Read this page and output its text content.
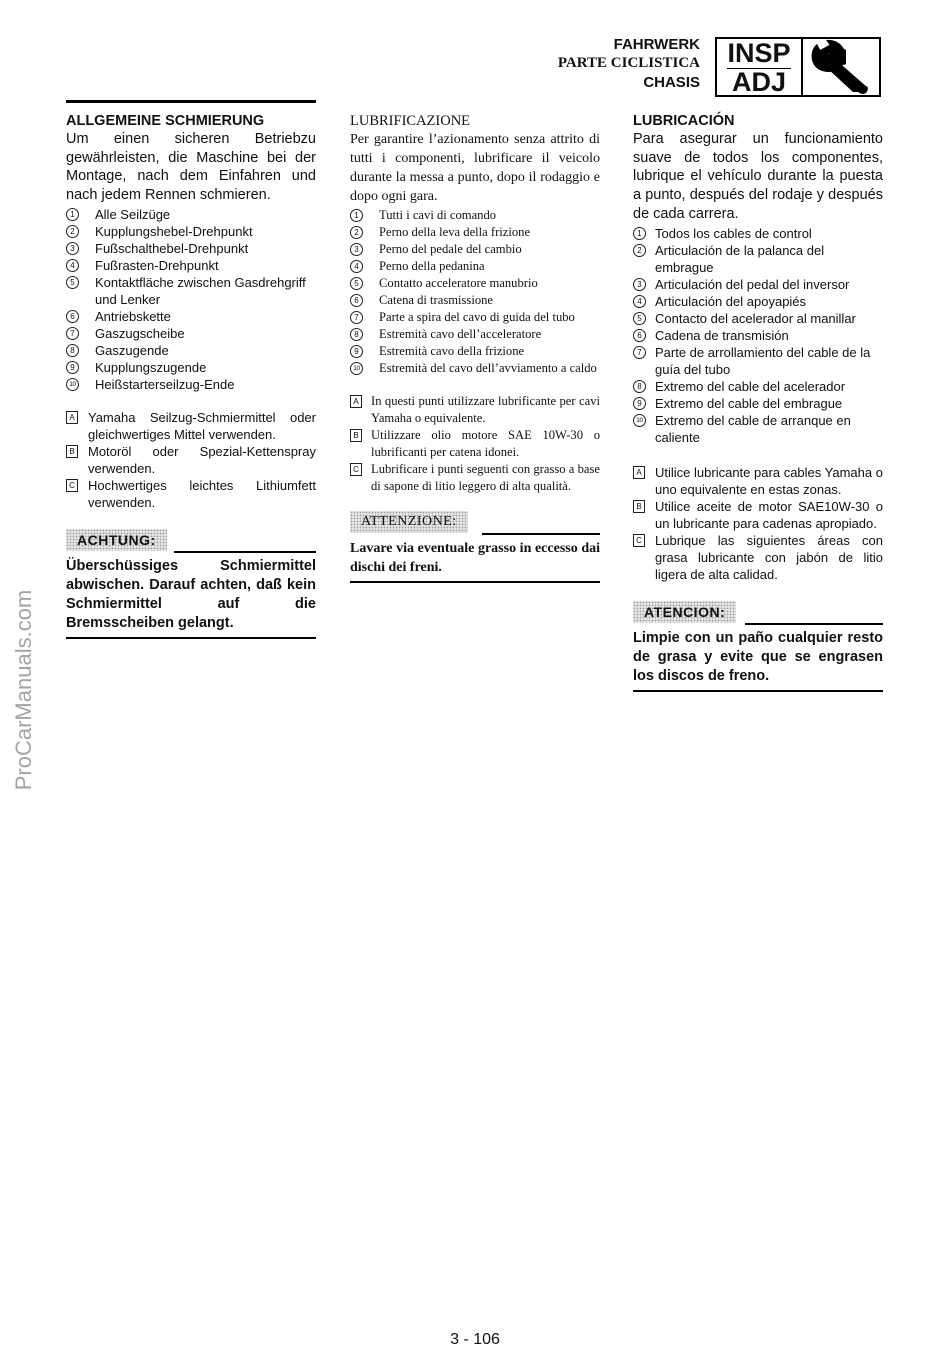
FAHRWERK
PARTE CICLISTICA
CHASIS
INSP
ADJ
ALLGEMEINE SCHMIERUNG
Um einen sicheren Betriebzu gewährleisten, die Maschine bei der Montage, nach dem Einfahren und nach jedem Rennen schmieren.
1	Alle Seilzüge
2	Kupplungshebel-Drehpunkt
3	Fußschalthebel-Drehpunkt
4	Fußrasten-Drehpunkt
5	Kontaktfläche zwischen Gasdrehgriff und Lenker
6	Antriebskette
7	Gaszugscheibe
8	Gaszugende
9	Kupplungszugende
10 Heißstarterseilzug-Ende
A Yamaha Seilzug-Schmiermittel oder gleichwertiges Mittel verwenden.
B Motoröl oder Spezial-Kettenspray verwenden.
C Hochwertiges leichtes Lithiumfett verwenden.
ACHTUNG:
Überschüssiges Schmiermittel abwischen. Darauf achten, daß kein Schmiermittel auf die Bremsscheiben gelangt.
LUBRIFICAZIONE
Per garantire l’azionamento senza attrito di tutti i componenti, lubrificare il veicolo durante la messa a punto, dopo il rodaggio e dopo ogni gara.
1	Tutti i cavi di comando
2	Perno della leva della frizione
3	Perno del pedale del cambio
4	Perno della pedanina
5	Contatto acceleratore manubrio
6	Catena di trasmissione
7	Parte a spira del cavo di guida del tubo
8	Estremità cavo dell’acceleratore
9	Estremità cavo della frizione
10 Estremità del cavo dell’avviamento a caldo
A In questi punti utilizzare lubrificante per cavi Yamaha o equivalente.
B Utilizzare olio motore SAE 10W-30 o lubrificanti per catena idonei.
C Lubrificare i punti seguenti con grasso a base di sapone di litio leggero di alta qualità.
ATTENZIONE:
Lavare via eventuale grasso in eccesso dai dischi dei freni.
LUBRICACIÓN
Para asegurar un funcionamiento suave de todos los componentes, lubrique el vehículo durante la puesta a punto, después del rodaje y después de cada carrera.
1	Todos los cables de control
2	Articulación de la palanca del embrague
3	Articulación del pedal del inversor
4	Articulación del apoyapiés
5	Contacto del acelerador al manillar
6	Cadena de transmisión
7	Parte de arrollamiento del cable de la guía del tubo
8	Extremo del cable del acelerador
9	Extremo del cable del embrague
10 Extremo del cable de arranque en caliente
A Utilice lubricante para cables Yamaha o uno equivalente en estas zonas.
B Utilice aceite de motor SAE10W-30 o un lubricante para cadenas apropiado.
C Lubrique las siguientes áreas con grasa lubricante con jabón de litio ligera de alta calidad.
ATENCION:
Limpie con un paño cualquier resto de grasa y evite que se engrasen los discos de freno.
ProCarManuals.com
3 - 106
